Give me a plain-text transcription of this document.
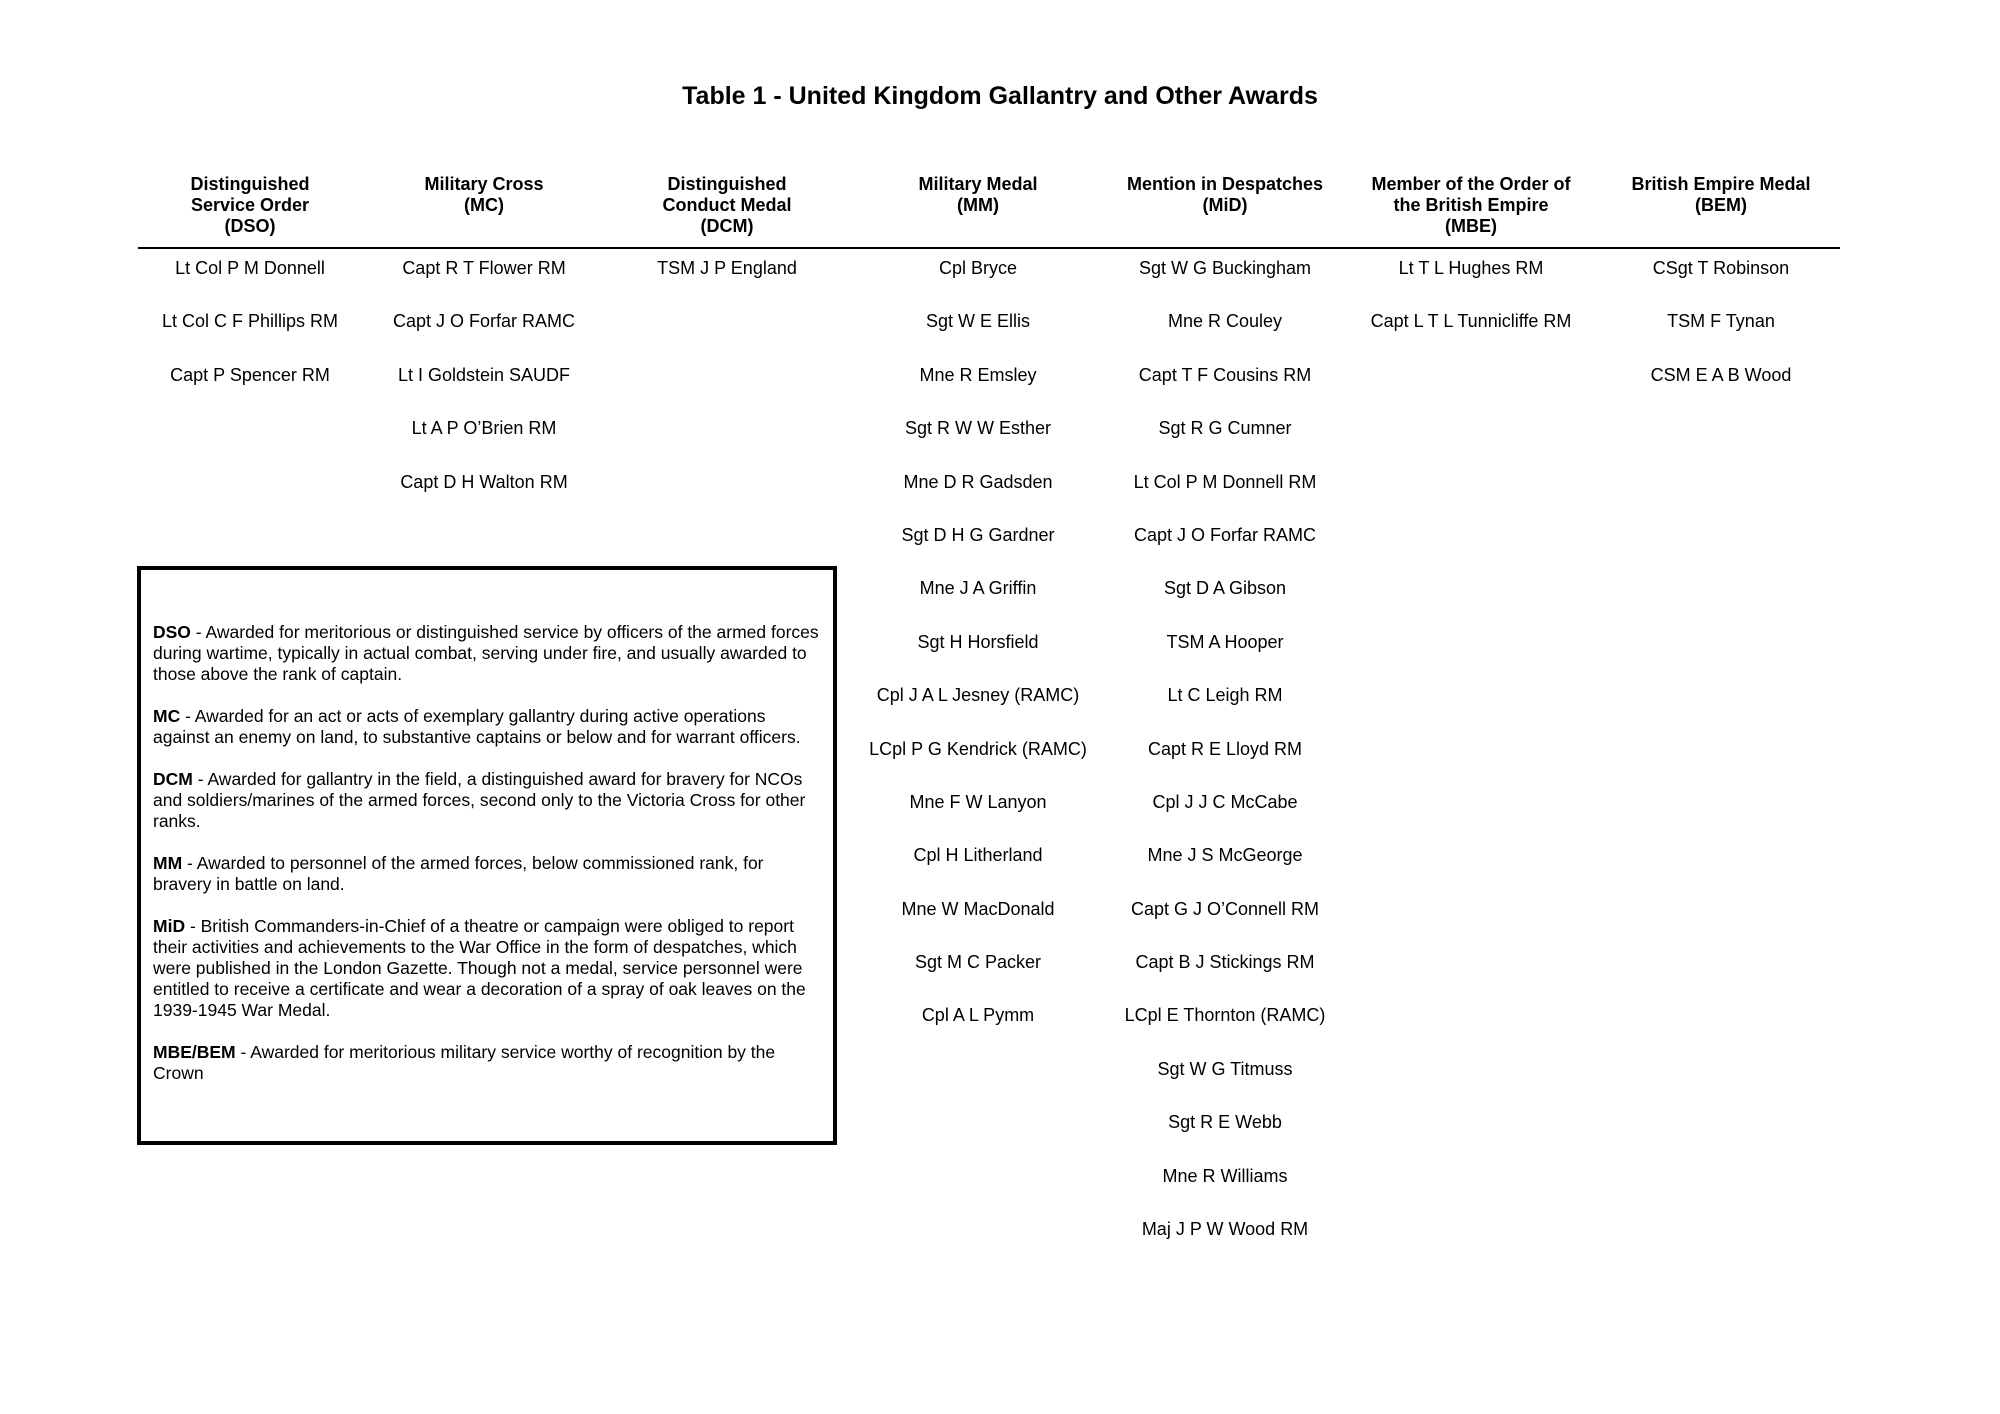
Table 1 - United Kingdom Gallantry and Other Awards
Distinguished
Service Order
(DSO)
Military Cross
(MC)
Distinguished
Conduct Medal
(DCM)
Military Medal
(MM)
Mention in Despatches
(MiD)
Member of the Order of
the British Empire
(MBE)
British Empire Medal
(BEM)
Lt Col P M Donnell
Lt Col C F Phillips RM
Capt P Spencer RM
Capt R T Flower RM
Capt J O Forfar RAMC
Lt I Goldstein SAUDF
Lt A P O’Brien RM
Capt D H Walton RM
TSM J P England	Cpl Bryce
Sgt W E Ellis
Mne R Emsley
Sgt R W W Esther
Mne D R Gadsden
Sgt D H G Gardner
Mne J A Griffin
Sgt H Horsfield
Cpl J A L Jesney (RAMC)
LCpl P G Kendrick (RAMC)
Mne F W Lanyon
Cpl H Litherland
Mne W MacDonald
Sgt M C Packer
Cpl A L Pymm
Sgt W G Buckingham
Mne R Couley
Capt T F Cousins RM
Sgt R G Cumner
Lt Col P M Donnell RM
Capt J O Forfar RAMC
Sgt D A Gibson
TSM A Hooper
Lt C Leigh RM
Capt R E Lloyd RM
Cpl J J C McCabe
Mne J S McGeorge
Capt G J O’Connell RM
Capt B J Stickings RM
LCpl E Thornton (RAMC)
Sgt W G Titmuss
Sgt R E Webb
Mne R Williams
Maj J P W Wood RM
Lt T L Hughes RM
Capt L T L Tunnicliffe RM
CSgt T Robinson
TSM F Tynan
CSM E A B Wood
DSO - Awarded for meritorious or distinguished service by officers of the armed forces during wartime, typically in actual combat, serving under fire, and usually awarded to those above the rank of captain.
MC - Awarded for an act or acts of exemplary gallantry during active operations against an enemy on land, to substantive captains or below and for warrant officers.
DCM - Awarded for gallantry in the field, a distinguished award for bravery for NCOs and soldiers/marines of the armed forces, second only to the Victoria Cross for other ranks.
MM - Awarded to personnel of the armed forces, below commissioned rank, for bravery in battle on land.
MiD - British Commanders-in-Chief of a theatre or campaign were obliged to report their activities and achievements to the War Office in the form of despatches, which were published in the London Gazette. Though not a medal, service personnel were entitled to receive a certificate and wear a decoration of a spray of oak leaves on the 1939-1945 War Medal.
MBE/BEM - Awarded for meritorious military service worthy of recognition by the Crown
